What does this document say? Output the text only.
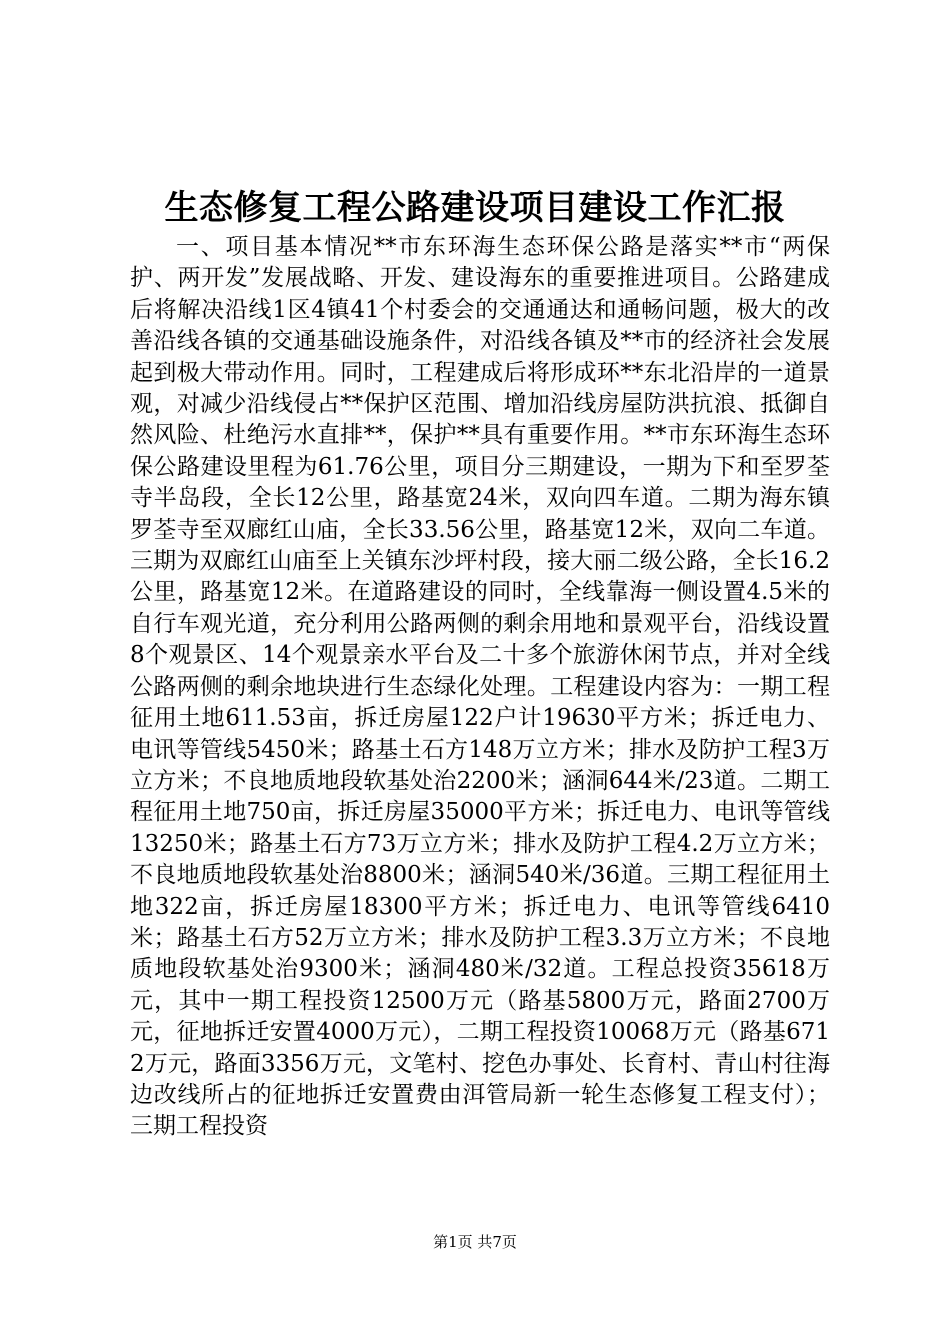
生态修复工程公路建设项目建设工作汇报

一、项目基本情况**市东环海生态环保公路是落实**市“两保护、两开发”发展战略、开发、建设海东的重要推进项目。公路建成后将解决沿线1区4镇41个村委会的交通通达和通畅问题，极大的改善沿线各镇的交通基础设施条件，对沿线各镇及**市的经济社会发展起到极大带动作用。同时，工程建成后将形成环**东北沿岸的一道景观，对减少沿线侵占**保护区范围、增加沿线房屋防洪抗浪、抵御自然风险、杜绝污水直排**，保护**具有重要作用。**市东环海生态环保公路建设里程为61.76公里，项目分三期建设，一期为下和至罗荃寺半岛段，全长12公里，路基宽24米，双向四车道。二期为海东镇罗荃寺至双廊红山庙，全长33.56公里，路基宽12米，双向二车道。三期为双廊红山庙至上关镇东沙坪村段，接大丽二级公路，全长16.2公里，路基宽12米。在道路建设的同时，全线靠海一侧设置4.5米的自行车观光道，充分利用公路两侧的剩余用地和景观平台，沿线设置8个观景区、14个观景亲水平台及二十多个旅游休闲节点，并对全线公路两侧的剩余地块进行生态绿化处理。工程建设内容为：一期工程征用土地611.53亩，拆迁房屋122户计19630平方米；拆迁电力、电讯等管线5450米；路基土石方148万立方米；排水及防护工程3万立方米；不良地质地段软基处治2200米；涵洞644米/23道。二期工程征用土地750亩，拆迁房屋35000平方米；拆迁电力、电讯等管线13250米；路基土石方73万立方米；排水及防护工程4.2万立方米；不良地质地段软基处治8800米；涵洞540米/36道。三期工程征用土地322亩，拆迁房屋18300平方米；拆迁电力、电讯等管线6410米；路基土石方52万立方米；排水及防护工程3.3万立方米；不良地质地段软基处治9300米；涵洞480米/32道。工程总投资35618万元，其中一期工程投资12500万元（路基5800万元，路面2700万元，征地拆迁安置4000万元），二期工程投资10068万元（路基6712万元，路面3356万元，文笔村、挖色办事处、长育村、青山村往海边改线所占的征地拆迁安置费由洱管局新一轮生态修复工程支付）；三期工程投资

第1页 共7页
